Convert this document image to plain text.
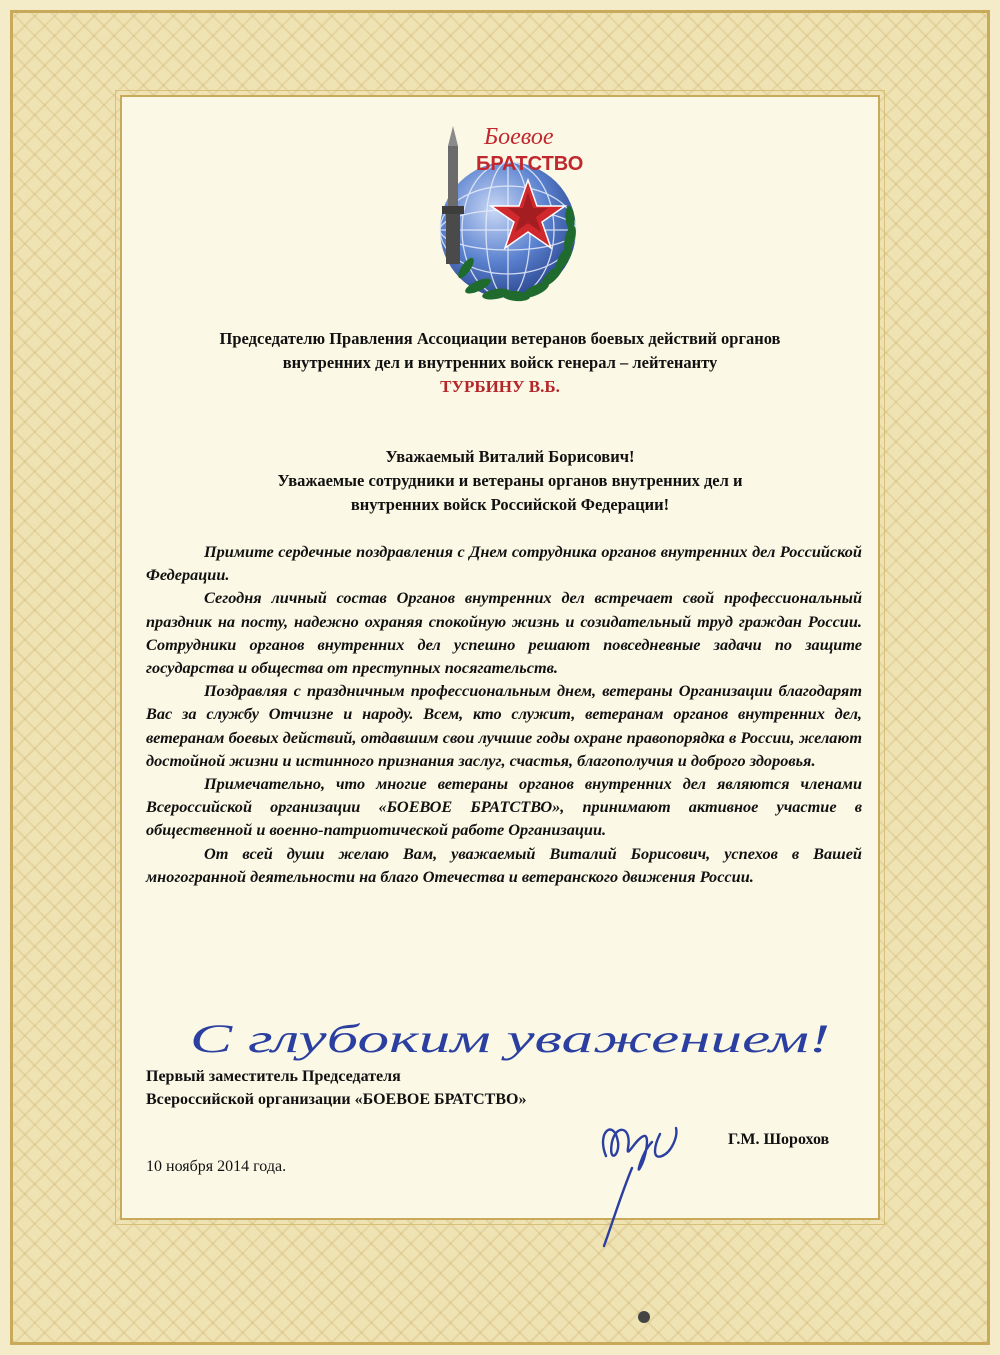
Боевое
БРАТСТВО
Председателю Правления Ассоциации ветеранов боевых действий органов
внутренних дел и внутренних войск генерал – лейтенанту
ТУРБИНУ В.Б.
Уважаемый Виталий Борисович!
Уважаемые сотрудники и ветераны органов внутренних дел и
внутренних войск Российской Федерации!

Примите сердечные поздравления с Днем сотрудника органов внутренних дел Российской Федерации.

Сегодня личный состав Органов внутренних дел встречает свой профессиональный праздник на посту, надежно охраняя спокойную жизнь и созидательный труд граждан России. Сотрудники органов внутренних дел успешно решают повседневные задачи по защите государства и общества от преступных посягательств.

Поздравляя с праздничным профессиональным днем, ветераны Организации благодарят Вас за службу Отчизне и народу. Всем, кто служит, ветеранам органов внутренних дел, ветеранам боевых действий, отдавшим свои лучшие годы охране правопорядка в России, желают достойной жизни и истинного признания заслуг, счастья, благополучия и доброго здоровья.

Примечательно, что многие ветераны органов внутренних дел являются членами Всероссийской организации «БОЕВОЕ БРАТСТВО», принимают активное участие в общественной и военно-патриотической работе Организации.

От всей души желаю Вам, уважаемый Виталий Борисович, успехов в Вашей многогранной деятельности на благо Отечества и ветеранского движения России.

С глубоким уважением!
Первый заместитель Председателя
Всероссийской организации «БОЕВОЕ БРАТСТВО»
Г.М. Шорохов
10 ноября 2014 года.
